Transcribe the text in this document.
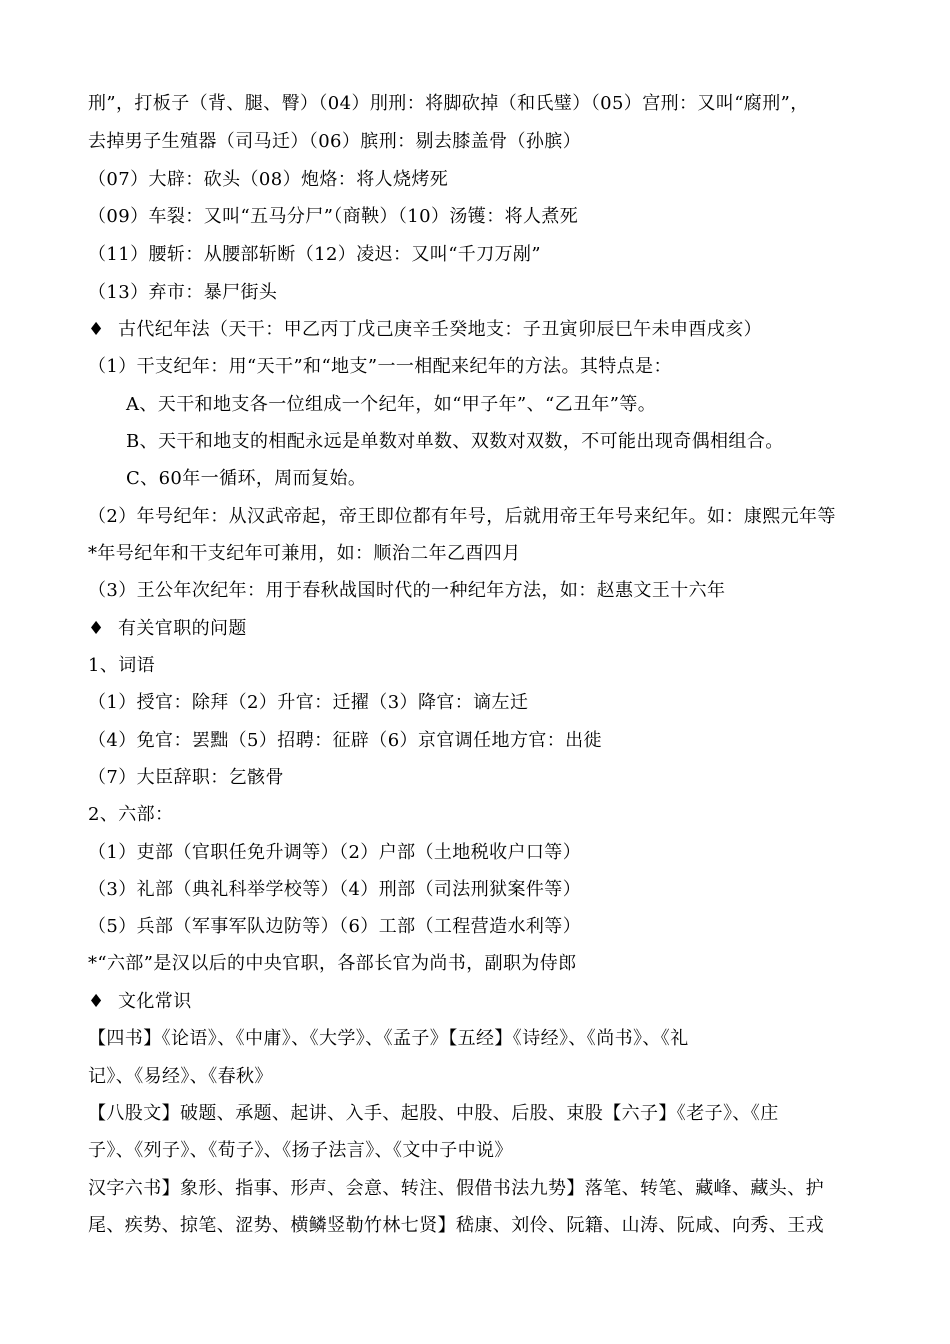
刑”，打板子（背、腿、臀）（04）刖刑：将脚砍掉（和氏璧）（05）宫刑：又叫“腐刑”，
去掉男子生殖器（司马迁）（06）膑刑：剔去膝盖骨（孙膑）
（07）大辟：砍头（08）炮烙：将人烧烤死
（09）车裂：又叫“五马分尸”（商鞅）（10）汤镬：将人煮死
（11）腰斩：从腰部斩断（12）凌迟：又叫“千刀万剐”
（13）弃市：暴尸街头
♦ 古代纪年法（天干：甲乙丙丁戊己庚辛壬癸地支：子丑寅卯辰巳午未申酉戌亥）
（1）干支纪年：用“天干”和“地支”一一相配来纪年的方法。其特点是：
A、天干和地支各一位组成一个纪年，如“甲子年”、“乙丑年”等。
B、天干和地支的相配永远是单数对单数、双数对双数，不可能出现奇偶相组合。
C、60年一循环，周而复始。
（2）年号纪年：从汉武帝起，帝王即位都有年号，后就用帝王年号来纪年。如：康熙元年等
*年号纪年和干支纪年可兼用，如：顺治二年乙酉四月
（3）王公年次纪年：用于春秋战国时代的一种纪年方法，如：赵惠文王十六年
♦ 有关官职的问题
1、词语
（1）授官：除拜（2）升官：迁擢（3）降官：谪左迁
（4）免官：罢黜（5）招聘：征辟（6）京官调任地方官：出徙
（7）大臣辞职：乞骸骨
2、六部：
（1）吏部（官职任免升调等）（2）户部（土地税收户口等）
（3）礼部（典礼科举学校等）（4）刑部（司法刑狱案件等）
（5）兵部（军事军队边防等）（6）工部（工程营造水利等）
*“六部”是汉以后的中央官职，各部长官为尚书，副职为侍郎
♦ 文化常识
【四书】《论语》、《中庸》、《大学》、《孟子》【五经】《诗经》、《尚书》、《礼
记》、《易经》、《春秋》
【八股文】破题、承题、起讲、入手、起股、中股、后股、束股【六子】《老子》、《庄
子》、《列子》、《荀子》、《扬子法言》、《文中子中说》
汉字六书】象形、指事、形声、会意、转注、假借书法九势】落笔、转笔、藏峰、藏头、护
尾、疾势、掠笔、涩势、横鳞竖勒竹林七贤】嵇康、刘伶、阮籍、山涛、阮咸、向秀、王戎
